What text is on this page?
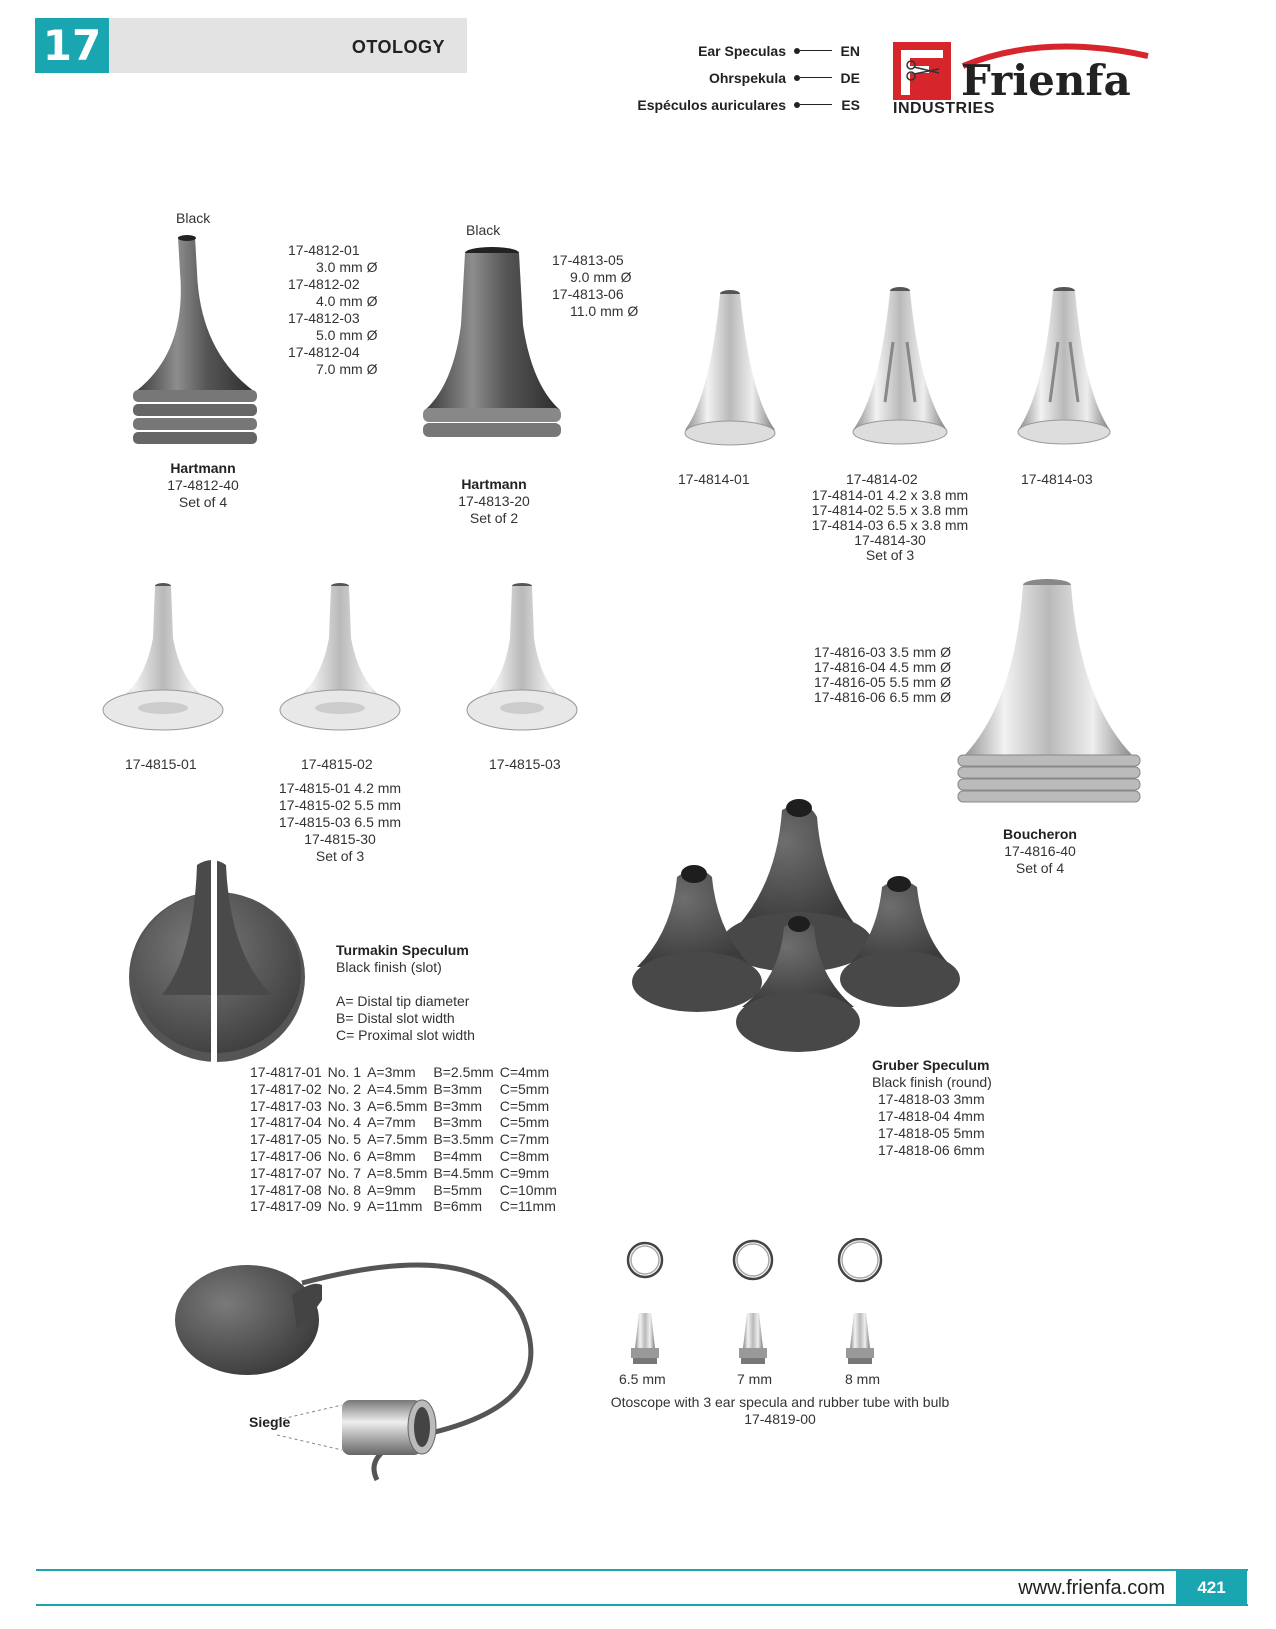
17	OTOLOGY	Ear Speculas	EN
Ohrspekula	DE
Espéculos auriculares	ES Frienfa
INDUSTRIES
Black
17-4812-01
3.0 mm Ø
17-4812-02
4.0 mm Ø
17-4812-03
5.0 mm Ø
17-4812-04
7.0 mm Ø
Hartmann
17-4812-40
Set of 4
Black
17-4813-05
9.0 mm Ø
17-4813-06
11.0 mm Ø
Hartmann
17-4813-20
Set of 2
17-4814-01	17-4814-02	17-4814-03
17-4814-01 4.2 x 3.8 mm
17-4814-02 5.5 x 3.8 mm
17-4814-03 6.5 x 3.8 mm
17-4814-30
Set of 3
17-4815-01	17-4815-02	17-4815-03
17-4815-01 4.2 mm
17-4815-02 5.5 mm
17-4815-03 6.5 mm
17-4815-30
Set of 3
17-4816-03 3.5 mm Ø
17-4816-04 4.5 mm Ø
17-4816-05 5.5 mm Ø
17-4816-06 6.5 mm Ø
Boucheron
17-4816-40
Set of 4
Turmakin Speculum
Black finish (slot)
A= Distal tip diameter
B= Distal slot width
C= Proximal slot width
17-4817-01	No. 1	A=3mm	B=2.5mm	C=4mm
17-4817-02	No. 2	A=4.5mm	B=3mm	C=5mm
17-4817-03	No. 3	A=6.5mm	B=3mm	C=5mm
17-4817-04	No. 4	A=7mm	B=3mm	C=5mm
17-4817-05	No. 5	A=7.5mm	B=3.5mm	C=7mm
17-4817-06	No. 6	A=8mm	B=4mm	C=8mm
17-4817-07	No. 7	A=8.5mm	B=4.5mm	C=9mm
17-4817-08	No. 8	A=9mm	B=5mm	C=10mm
17-4817-09	No. 9	A=11mm	B=6mm	C=11mm
Gruber Speculum
Black finish (round)
17-4818-03 3mm
17-4818-04 4mm
17-4818-05 5mm
17-4818-06 6mm
Siegle
6.5 mm	7 mm	8 mm
Otoscope with 3 ear specula and rubber tube with bulb
17-4819-00
www.frienfa.com	421
